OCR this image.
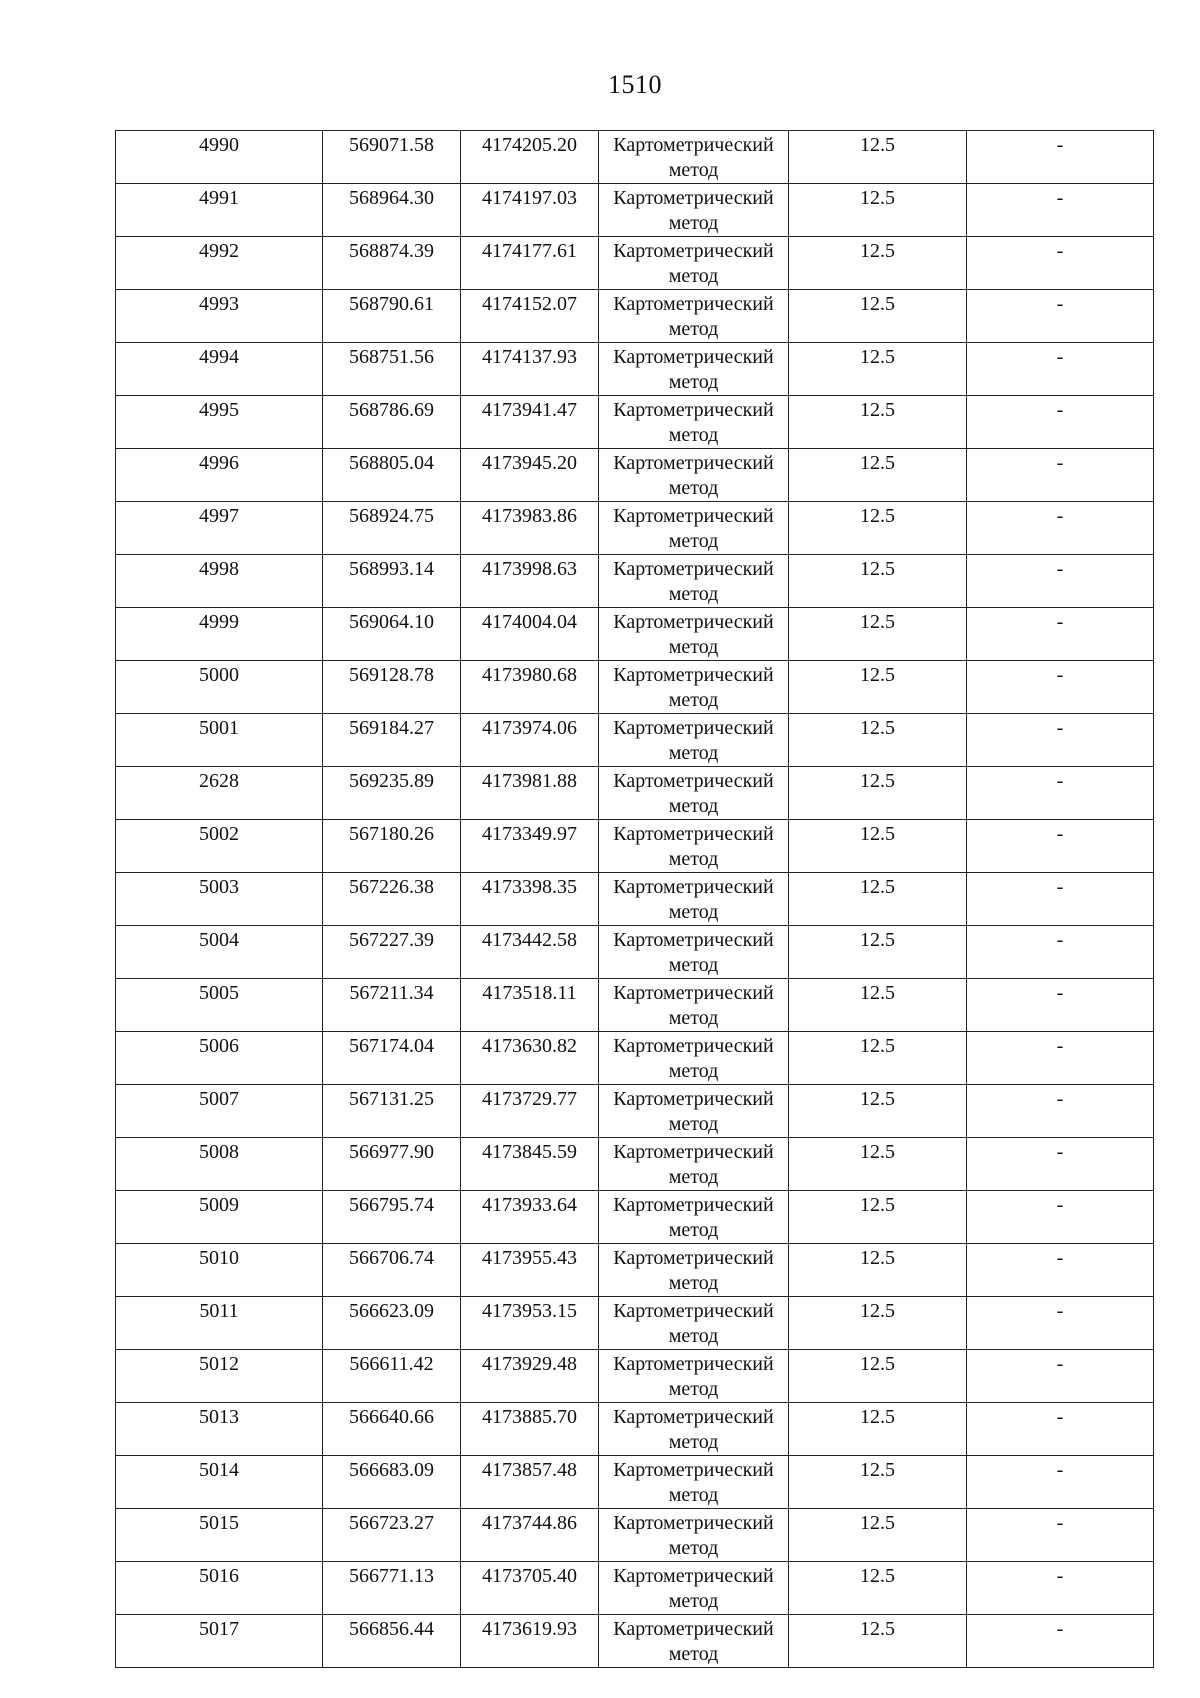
1510
4990	569071.58	4174205.20	Картометрический метод	12.5	-

4991	568964.30	4174197.03	Картометрический метод	12.5	-

4992	568874.39	4174177.61	Картометрический метод	12.5	-

4993	568790.61	4174152.07	Картометрический метод	12.5	-

4994	568751.56	4174137.93	Картометрический метод	12.5	-

4995	568786.69	4173941.47	Картометрический метод	12.5	-

4996	568805.04	4173945.20	Картометрический метод	12.5	-

4997	568924.75	4173983.86	Картометрический метод	12.5	-

4998	568993.14	4173998.63	Картометрический метод	12.5	-

4999	569064.10	4174004.04	Картометрический метод	12.5	-

5000	569128.78	4173980.68	Картометрический метод	12.5	-

5001	569184.27	4173974.06	Картометрический метод	12.5	-

2628	569235.89	4173981.88	Картометрический метод	12.5	-

5002	567180.26	4173349.97	Картометрический метод	12.5	-

5003	567226.38	4173398.35	Картометрический метод	12.5	-

5004	567227.39	4173442.58	Картометрический метод	12.5	-

5005	567211.34	4173518.11	Картометрический метод	12.5	-

5006	567174.04	4173630.82	Картометрический метод	12.5	-

5007	567131.25	4173729.77	Картометрический метод	12.5	-

5008	566977.90	4173845.59	Картометрический метод	12.5	-

5009	566795.74	4173933.64	Картометрический метод	12.5	-

5010	566706.74	4173955.43	Картометрический метод	12.5	-

5011	566623.09	4173953.15	Картометрический метод	12.5	-

5012	566611.42	4173929.48	Картометрический метод	12.5	-

5013	566640.66	4173885.70	Картометрический метод	12.5	-

5014	566683.09	4173857.48	Картометрический метод	12.5	-

5015	566723.27	4173744.86	Картометрический метод	12.5	-

5016	566771.13	4173705.40	Картометрический метод	12.5	-

5017	566856.44	4173619.93	Картометрический метод	12.5	-
